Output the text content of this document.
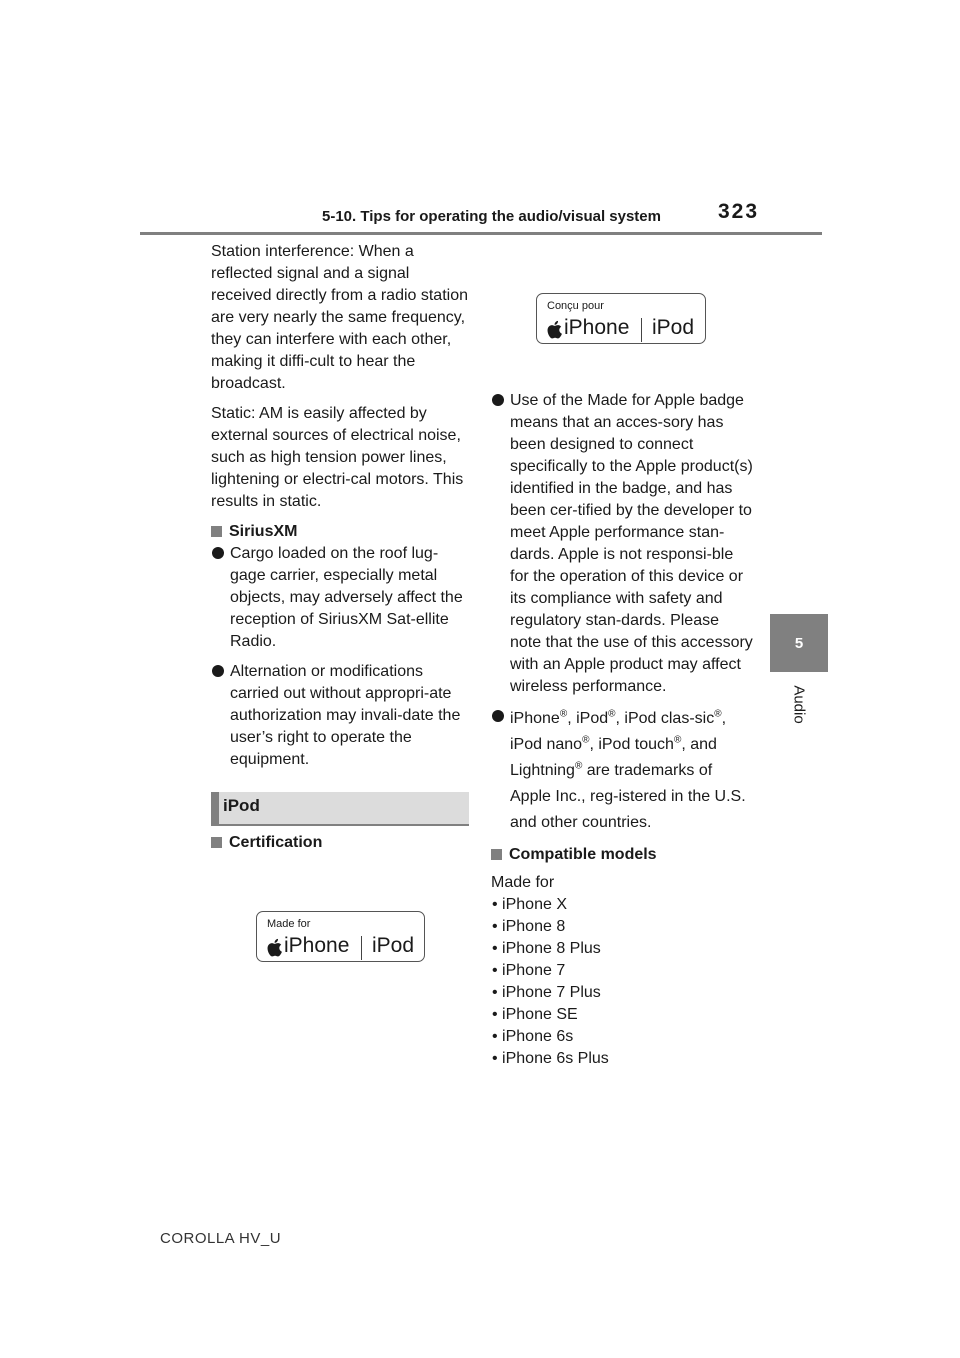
5-10. Tips for operating the audio/visual system	323
5
Audio

Station interference: When a reflected signal and a signal received directly from a radio station are very nearly the same frequency, they can interfere with each other, making it diffi-cult to hear the broadcast.

Static: AM is easily affected by external sources of electrical noise, such as high tension power lines, lightening or electri-cal motors. This results in static.

SiriusXM

Cargo loaded on the roof lug-gage carrier, especially metal objects, may adversely affect the reception of SiriusXM Sat-ellite Radio.

Alternation or modifications carried out without appropri-ate authorization may invali-date the user’s right to operate the equipment.

iPod

Certification

Made for
iPhone iPod
Conçu pour
iPhone iPod

Use of the Made for Apple badge means that an acces-sory has been designed to connect specifically to the Apple product(s) identified in the badge, and has been cer-tified by the developer to meet Apple performance stan-dards. Apple is not responsi-ble for the operation of this device or its compliance with safety and regulatory stan-dards. Please note that the use of this accessory with an Apple product may affect wireless performance.

iPhone®, iPod®, iPod clas-sic®, iPod nano®, iPod touch®, and Lightning® are trademarks of Apple Inc., reg-istered in the U.S. and other countries.

Compatible models

Made for

• iPhone X

• iPhone 8

• iPhone 8 Plus

• iPhone 7

• iPhone 7 Plus

• iPhone SE

• iPhone 6s

• iPhone 6s Plus

COROLLA HV_U
